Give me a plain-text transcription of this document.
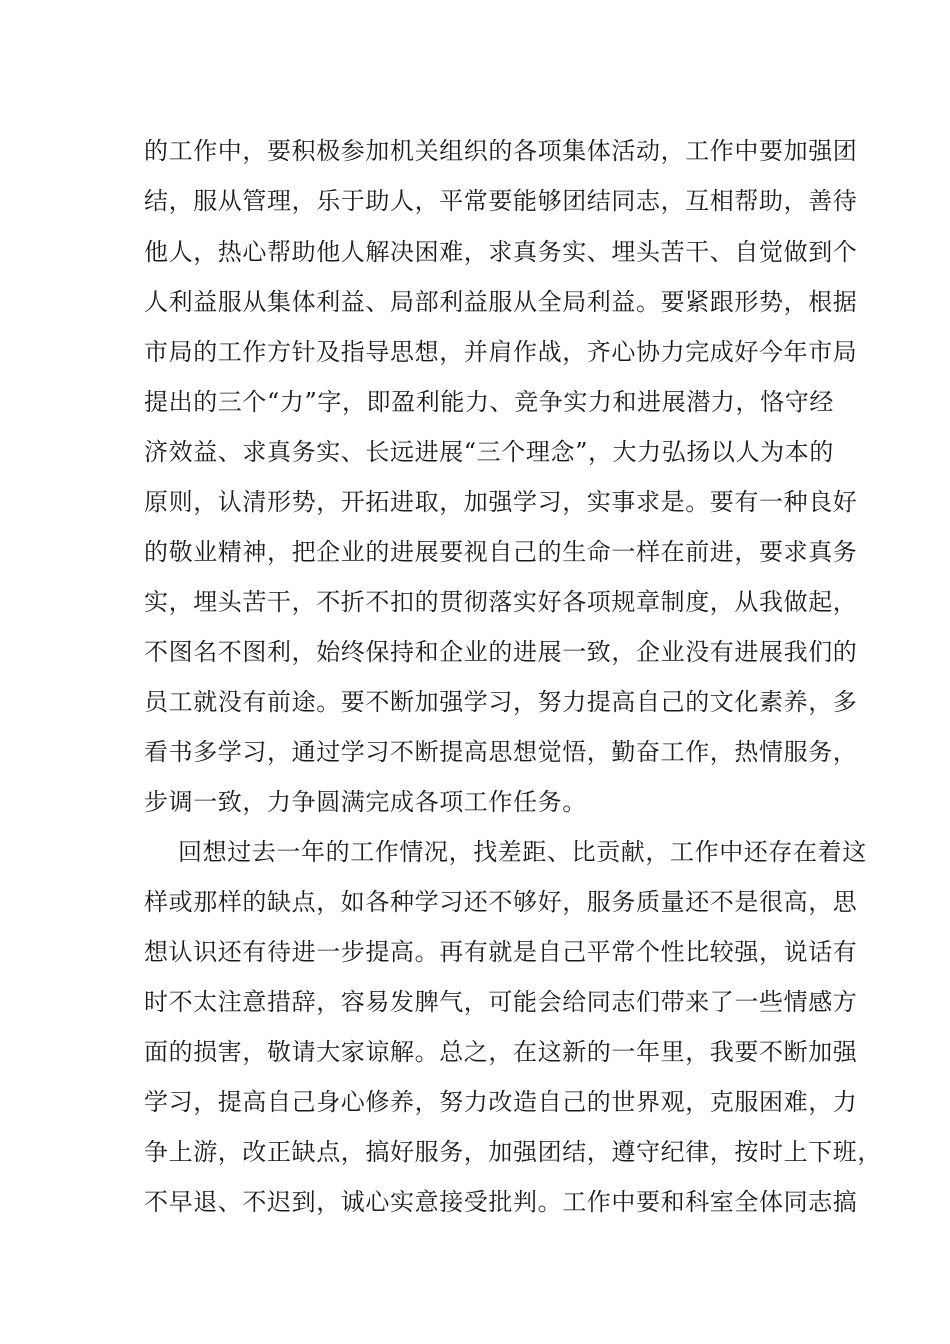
的工作中，要积极参加机关组织的各项集体活动，工作中要加强团
结，服从管理，乐于助人，平常要能够团结同志，互相帮助，善待
他人，热心帮助他人解决困难，求真务实、埋头苦干、自觉做到个
人利益服从集体利益、局部利益服从全局利益。要紧跟形势，根据
市局的工作方针及指导思想，并肩作战，齐心协力完成好今年市局
提出的三个“力”字，即盈利能力、竞争实力和进展潜力，恪守经
济效益、求真务实、长远进展“三个理念”，大力弘扬以人为本的
原则，认清形势，开拓进取，加强学习，实事求是。要有一种良好
的敬业精神，把企业的进展要视自己的生命一样在前进，要求真务
实，埋头苦干，不折不扣的贯彻落实好各项规章制度，从我做起，
不图名不图利，始终保持和企业的进展一致，企业没有进展我们的
员工就没有前途。要不断加强学习，努力提高自己的文化素养，多
看书多学习，通过学习不断提高思想觉悟，勤奋工作，热情服务，
步调一致，力争圆满完成各项工作任务。
回想过去一年的工作情况，找差距、比贡献，工作中还存在着这
样或那样的缺点，如各种学习还不够好，服务质量还不是很高，思
想认识还有待进一步提高。再有就是自己平常个性比较强，说话有
时不太注意措辞，容易发脾气，可能会给同志们带来了一些情感方
面的损害，敬请大家谅解。总之，在这新的一年里，我要不断加强
学习，提高自己身心修养，努力改造自己的世界观，克服困难，力
争上游，改正缺点，搞好服务，加强团结，遵守纪律，按时上下班，
不早退、不迟到，诚心实意接受批判。工作中要和科室全体同志搞
